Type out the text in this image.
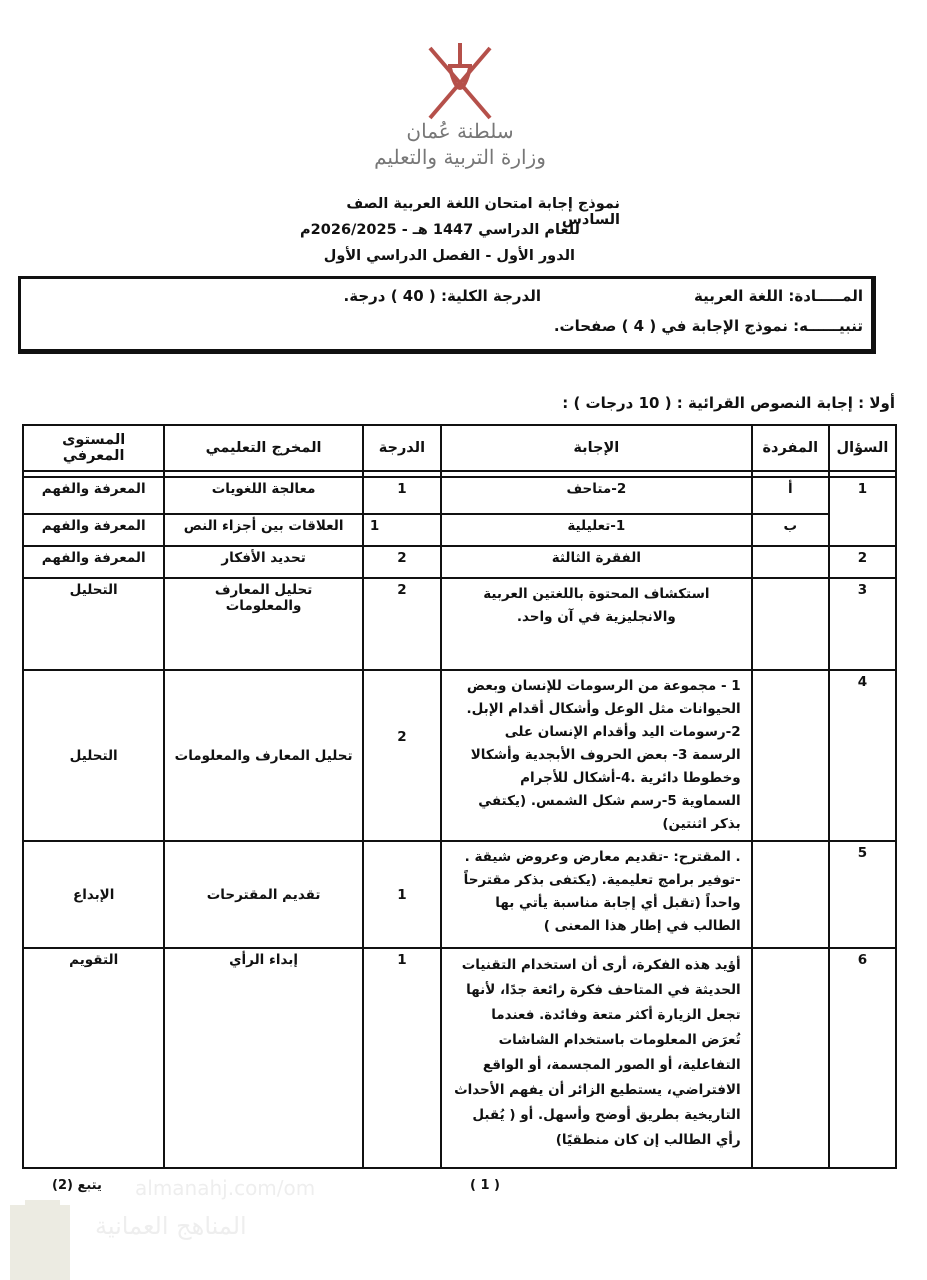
سلطنة عُمان
وزارة التربية والتعليم
نموذج إجابة امتحان اللغة العربية الصف السادس
للعام الدراسي 1447 هـ - 2026/2025م
الدور الأول - الفصل الدراسي الأول
المـــــادة: اللغة العربية
الدرجة الكلية: ( 40 ) درجة.
تنبيــــــه: نموذج الإجابة في ( 4 ) صفحات.
أولا : إجابة النصوص القرائية : ( 10 درجات ) :
السؤال	المفردة	الإجابة	الدرجة	المخرج التعليمي	المستوى المعرفي

1	أ	2-متاحف	1	معالجة اللغويات	المعرفة والفهم
	ب	1-تعليلية	1	العلاقات بين أجزاء النص	المعرفة والفهم
2		الفقرة الثالثة	2	تحديد الأفكار	المعرفة والفهم
3		استكشاف المحتوة باللغتين العربية والانجليزية في آن واحد.	2	تحليل المعارف والمعلومات	التحليل
4		1 - مجموعة من الرسومات للإنسان وبعض الحيوانات مثل الوعل وأشكال أقدام الإبل. 2-رسومات اليد وأقدام الإنسان على الرسمة 3- بعض الحروف الأبجدية وأشكالا وخطوطا دائرية .4-أشكال للأجرام السماوية 5-رسم شكل الشمس. (يكتفي بذكر اثنتين)	2	تحليل المعارف والمعلومات	التحليل
5		. المقترح: -تقديم معارض وعروض شيقة . -توفير برامج تعليمية. (يكتفى بذكر مقترحاً واحداً (تقبل أي إجابة مناسبة يأتي بها الطالب في إطار هذا المعنى )	1	تقديم المقترحات	الإبداع
6		أؤيد هذه الفكرة، أرى أن استخدام التقنيات الحديثة في المتاحف فكرة رائعة جدًا، لأنها تجعل الزيارة أكثر متعة وفائدة. فعندما تُعرَض المعلومات باستخدام الشاشات التفاعلية، أو الصور المجسمة، أو الواقع الافتراضي، يستطيع الزائر أن يفهم الأحداث التاريخية بطريق أوضح وأسهل. أو ( يُقبل رأي الطالب إن كان منطقيًا)	1	إبداء الرأي	التقويم
almanahj.com/om
المناهج العمانية
( 1 )
يتبع (2)
